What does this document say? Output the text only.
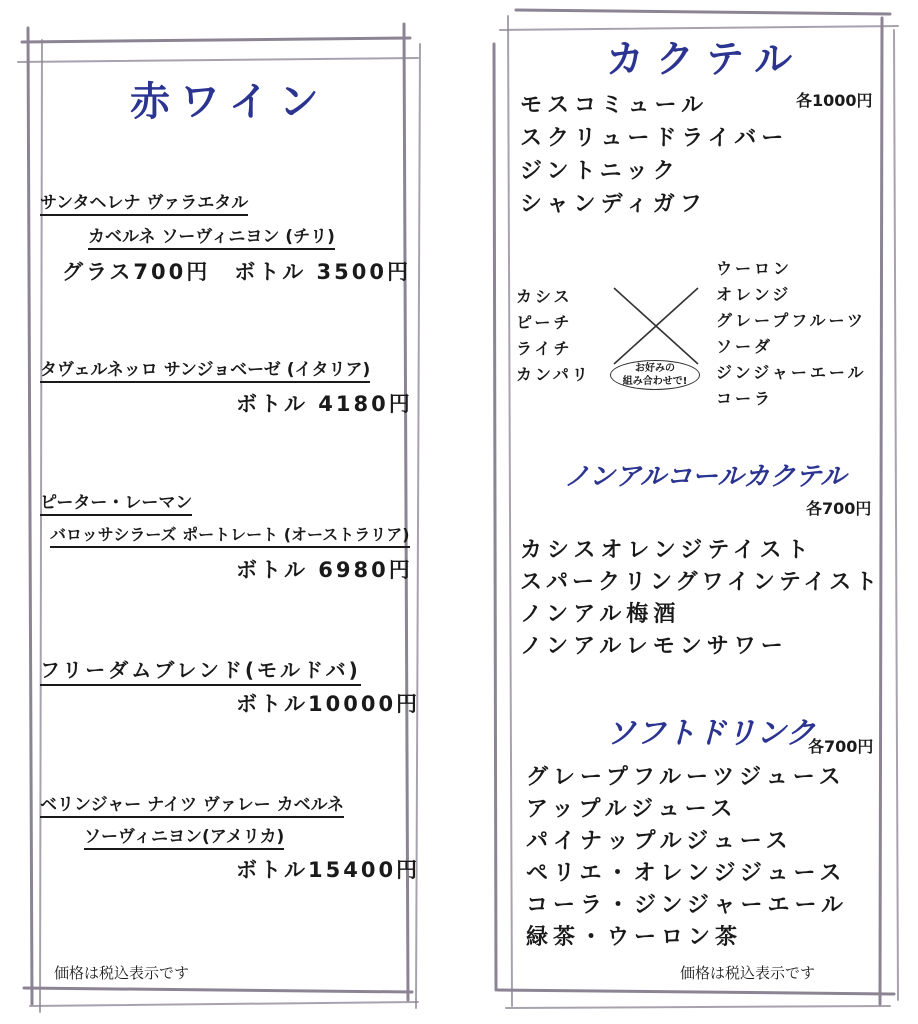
赤ワイン
サンタヘレナ ヴァラエタル
カベルネ ソーヴィニヨン (チリ)
グラス700円　ボトル 3500円
タヴェルネッロ サンジョベーゼ (イタリア)
ボトル 4180円
ピーター・レーマン
バロッサシラーズ ポートレート (オーストラリア)
ボトル 6980円
フリーダムブレンド(モルドバ)
ボトル10000円
ベリンジャー ナイツ ヴァレー カベルネ
ソーヴィニヨン(アメリカ)
ボトル15400円
価格は税込表示です
カクテル
各1000円
モスコミュール
スクリュードライバー
ジントニック
シャンディガフ
カシス
ピーチ
ライチ
カンパリ	お好みの
組み合わせで!
ウーロン
オレンジ
グレープフルーツ
ソーダ
ジンジャーエール
コーラ
ノンアルコールカクテル
各700円
カシスオレンジテイスト
スパークリングワインテイスト
ノンアル梅酒
ノンアルレモンサワー
ソフトドリンク
各700円
グレープフルーツジュース
アップルジュース
パイナップルジュース
ペリエ・オレンジジュース
コーラ・ジンジャーエール
緑茶・ウーロン茶
価格は税込表示です
